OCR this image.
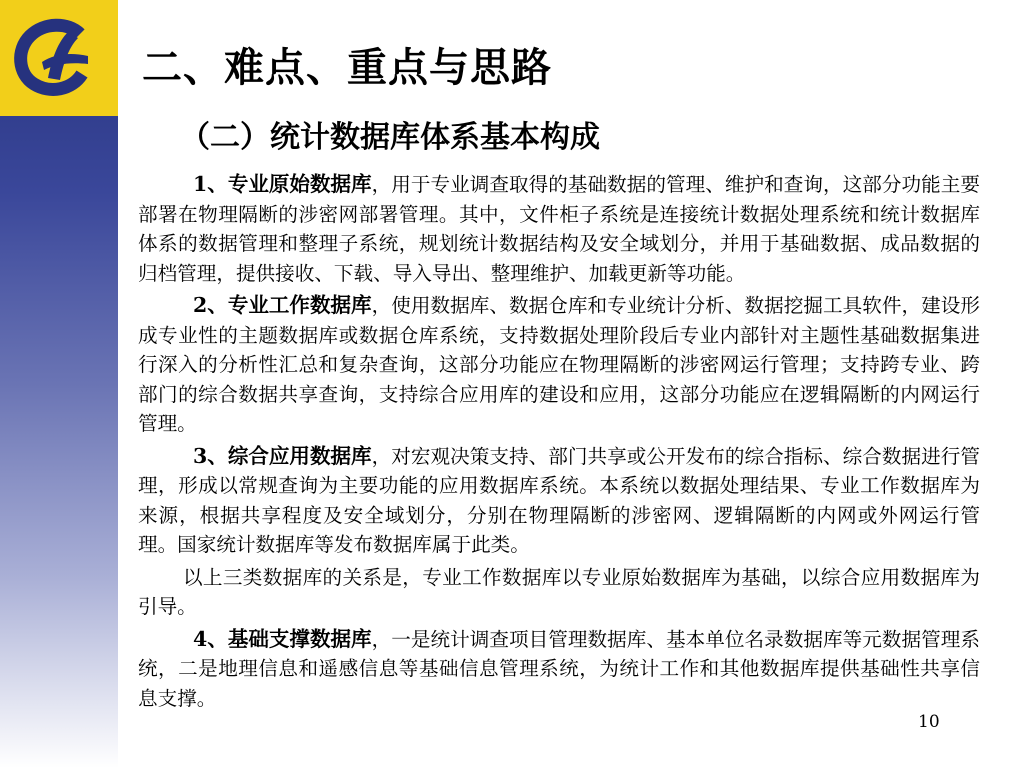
二、难点、重点与思路
（二）统计数据库体系基本构成

1、专业原始数据库，用于专业调查取得的基础数据的管理、维护和查询，这部分功能主要部署在物理隔断的涉密网部署管理。其中，文件柜子系统是连接统计数据处理系统和统计数据库体系的数据管理和整理子系统，规划统计数据结构及安全域划分，并用于基础数据、成品数据的归档管理，提供接收、下载、导入导出、整理维护、加载更新等功能。

2、专业工作数据库，使用数据库、数据仓库和专业统计分析、数据挖掘工具软件，建设形成专业性的主题数据库或数据仓库系统，支持数据处理阶段后专业内部针对主题性基础数据集进行深入的分析性汇总和复杂查询，这部分功能应在物理隔断的涉密网运行管理；支持跨专业、跨部门的综合数据共享查询，支持综合应用库的建设和应用，这部分功能应在逻辑隔断的内网运行管理。

3、综合应用数据库，对宏观决策支持、部门共享或公开发布的综合指标、综合数据进行管理，形成以常规查询为主要功能的应用数据库系统。本系统以数据处理结果、专业工作数据库为来源，根据共享程度及安全域划分，分别在物理隔断的涉密网、逻辑隔断的内网或外网运行管理。国家统计数据库等发布数据库属于此类。

以上三类数据库的关系是，专业工作数据库以专业原始数据库为基础，以综合应用数据库为引导。

4、基础支撑数据库，一是统计调查项目管理数据库、基本单位名录数据库等元数据管理系统，二是地理信息和遥感信息等基础信息管理系统，为统计工作和其他数据库提供基础性共享信息支撑。

10
